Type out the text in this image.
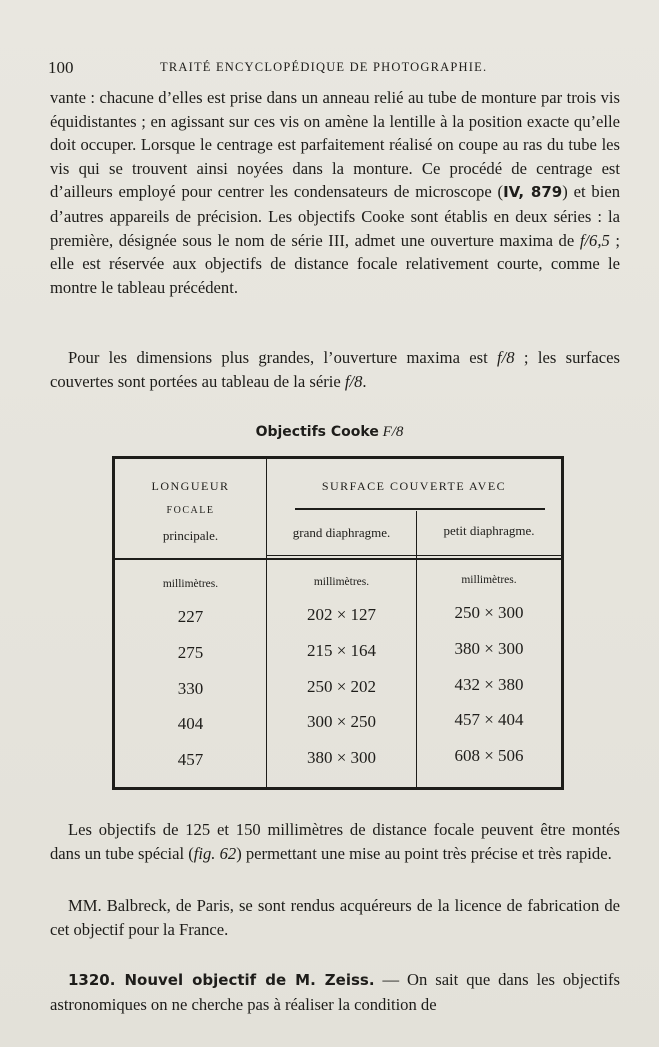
100	TRAITÉ ENCYCLOPÉDIQUE DE PHOTOGRAPHIE.
vante : chacune d’elles est prise dans un anneau relié au tube de monture par trois vis équidistantes ; en agissant sur ces vis on amène la lentille à la position exacte qu’elle doit occuper. Lorsque le centrage est parfaitement réalisé on coupe au ras du tube les vis qui se trouvent ainsi noyées dans la monture. Ce procédé de centrage est d’ailleurs employé pour centrer les condensateurs de microscope (IV, 879) et bien d’autres appareils de précision. Les objectifs Cooke sont établis en deux séries : la première, désignée sous le nom de série III, admet une ouverture maxima de f/6,5 ; elle est réservée aux objectifs de distance focale relativement courte, comme le montre le tableau précédent.
Pour les dimensions plus grandes, l’ouverture maxima est f/8 ; les surfaces couvertes sont portées au tableau de la série f/8.
Objectifs Cooke F/8
LONGUEUR
FOCALE
principale.
SURFACE COUVERTE AVEC
grand diaphragme.	petit diaphragme.
millimètres.	millimètres.	millimètres.
227	202 × 127	250 × 300
275	215 × 164	380 × 300
330	250 × 202	432 × 380
404	300 × 250	457 × 404
457	380 × 300	608 × 506
Les objectifs de 125 et 150 millimètres de distance focale peuvent être montés dans un tube spécial (fig. 62) permettant une mise au point très précise et très rapide.
MM. Balbreck, de Paris, se sont rendus acquéreurs de la licence de fabrication de cet objectif pour la France.
1320. Nouvel objectif de M. Zeiss. — On sait que dans les objectifs astronomiques on ne cherche pas à réaliser la condition de
